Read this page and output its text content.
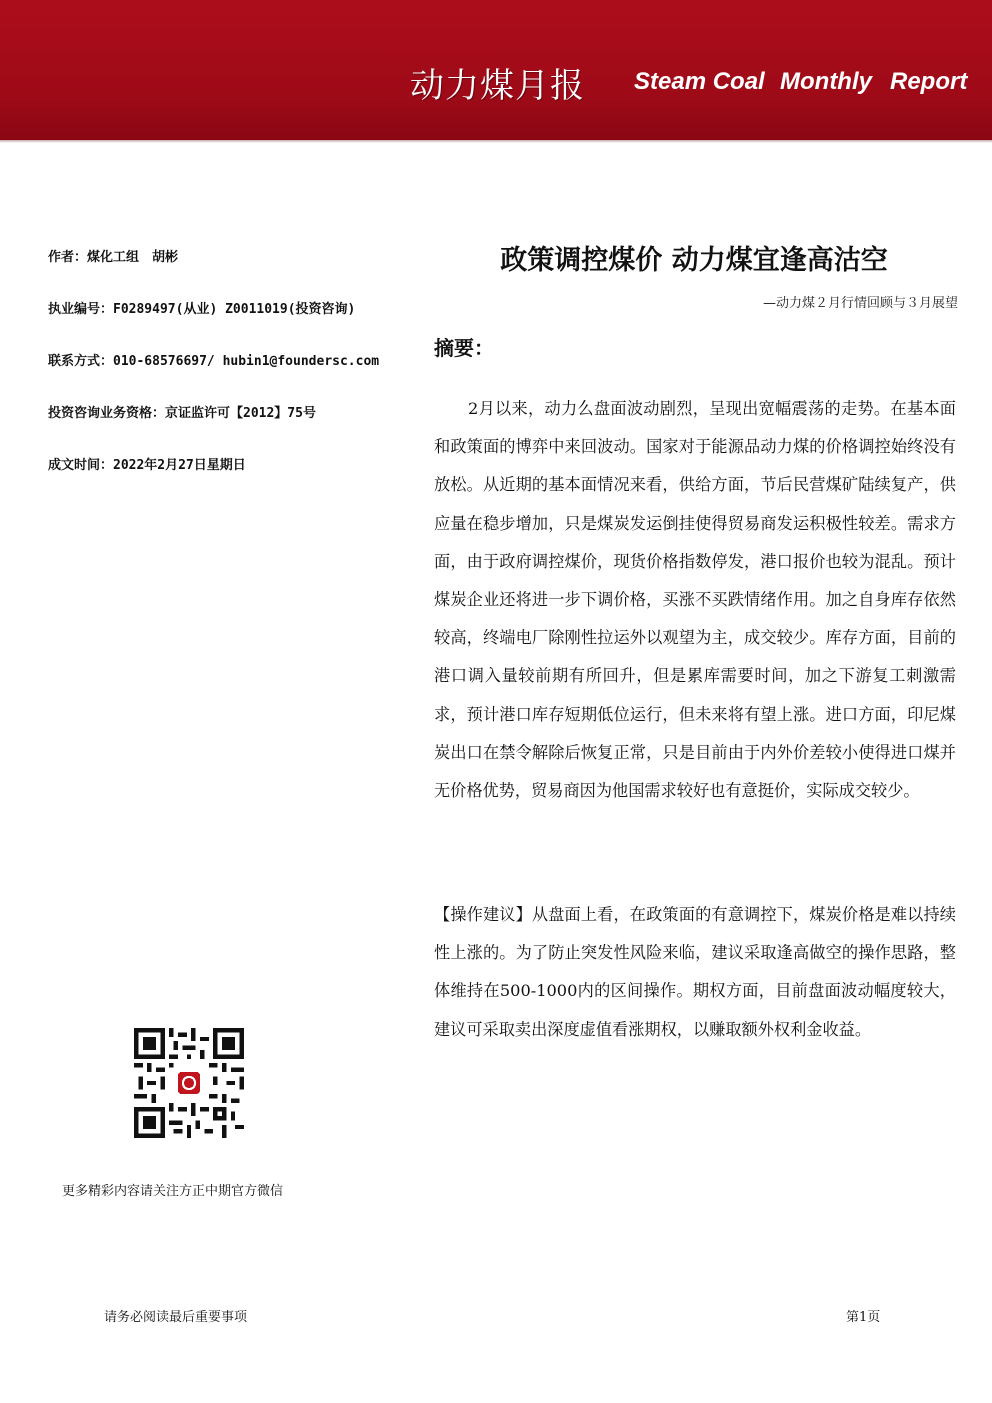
动力煤月报 Steam Coal Monthly Report
作者：煤化工组　胡彬
执业编号：F0289497(从业) Z0011019(投资咨询)
联系方式：010-68576697/ hubin1@foundersc.com
投资咨询业务资格：京证监许可【2012】75号
成文时间：2022年2月27日星期日
政策调控煤价 动力煤宜逢高沽空
—动力煤２月行情回顾与３月展望
摘要：
2月以来，动力么盘面波动剧烈，呈现出宽幅震荡的走势。在基本面和政策面的博弈中来回波动。国家对于能源品动力煤的价格调控始终没有放松。从近期的基本面情况来看，供给方面，节后民营煤矿陆续复产，供应量在稳步增加，只是煤炭发运倒挂使得贸易商发运积极性较差。需求方面，由于政府调控煤价，现货价格指数停发，港口报价也较为混乱。预计煤炭企业还将进一步下调价格，买涨不买跌情绪作用。加之自身库存依然较高，终端电厂除刚性拉运外以观望为主，成交较少。库存方面，目前的港口调入量较前期有所回升，但是累库需要时间，加之下游复工刺激需求，预计港口库存短期低位运行，但未来将有望上涨。进口方面，印尼煤炭出口在禁令解除后恢复正常，只是目前由于内外价差较小使得进口煤并无价格优势，贸易商因为他国需求较好也有意挺价，实际成交较少。
【操作建议】从盘面上看，在政策面的有意调控下，煤炭价格是难以持续性上涨的。为了防止突发性风险来临，建议采取逢高做空的操作思路，整体维持在500-1000内的区间操作。期权方面，目前盘面波动幅度较大，建议可采取卖出深度虚值看涨期权，以赚取额外权利金收益。
更多精彩内容请关注方正中期官方微信
请务必阅读最后重要事项	第1页
